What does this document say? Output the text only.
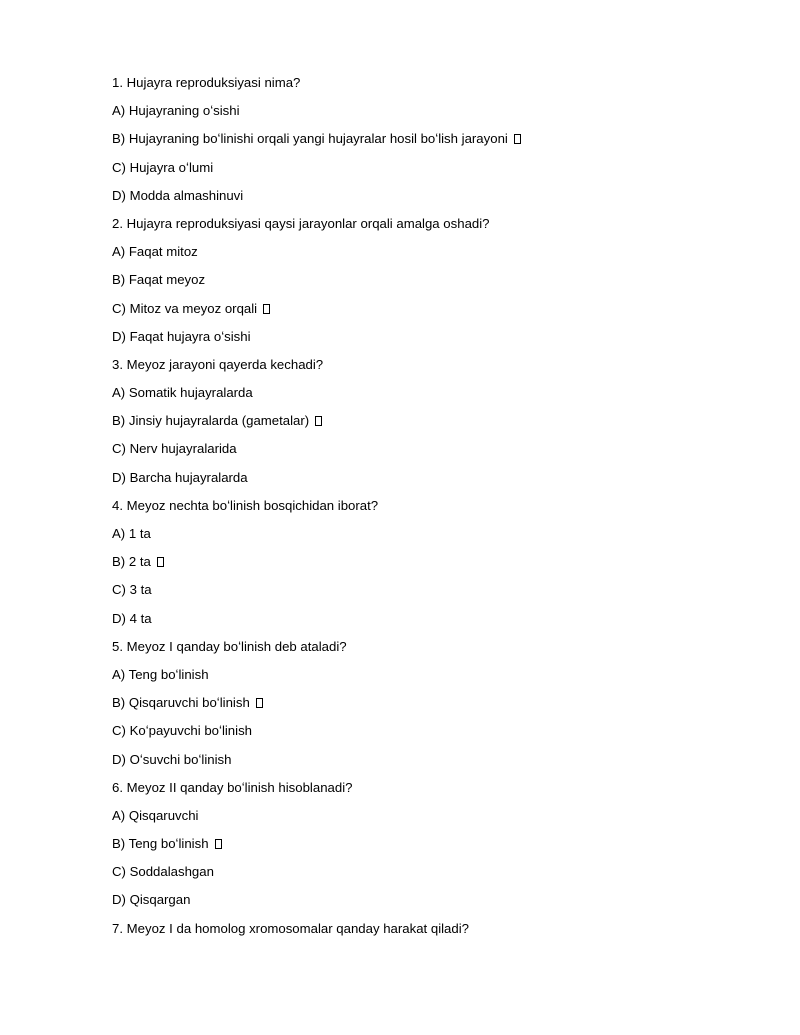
1. Hujayra reproduksiyasi nima?
A) Hujayraning oʻsishi
B) Hujayraning boʻlinishi orqali yangi hujayralar hosil boʻlish jarayoni
C) Hujayra oʻlumi
D) Modda almashinuvi
2. Hujayra reproduksiyasi qaysi jarayonlar orqali amalga oshadi?
A) Faqat mitoz
B) Faqat meyoz
C) Mitoz va meyoz orqali
D) Faqat hujayra oʻsishi
3. Meyoz jarayoni qayerda kechadi?
A) Somatik hujayralarda
B) Jinsiy hujayralarda (gametalar)
C) Nerv hujayralarida
D) Barcha hujayralarda
4. Meyoz nechta boʻlinish bosqichidan iborat?
A) 1 ta
B) 2 ta
C) 3 ta
D) 4 ta
5. Meyoz I qanday boʻlinish deb ataladi?
A) Teng boʻlinish
B) Qisqaruvchi boʻlinish
C) Koʻpayuvchi boʻlinish
D) Oʻsuvchi boʻlinish
6. Meyoz II qanday boʻlinish hisoblanadi?
A) Qisqaruvchi
B) Teng boʻlinish
C) Soddalashgan
D) Qisqargan
7. Meyoz I da homolog xromosomalar qanday harakat qiladi?
